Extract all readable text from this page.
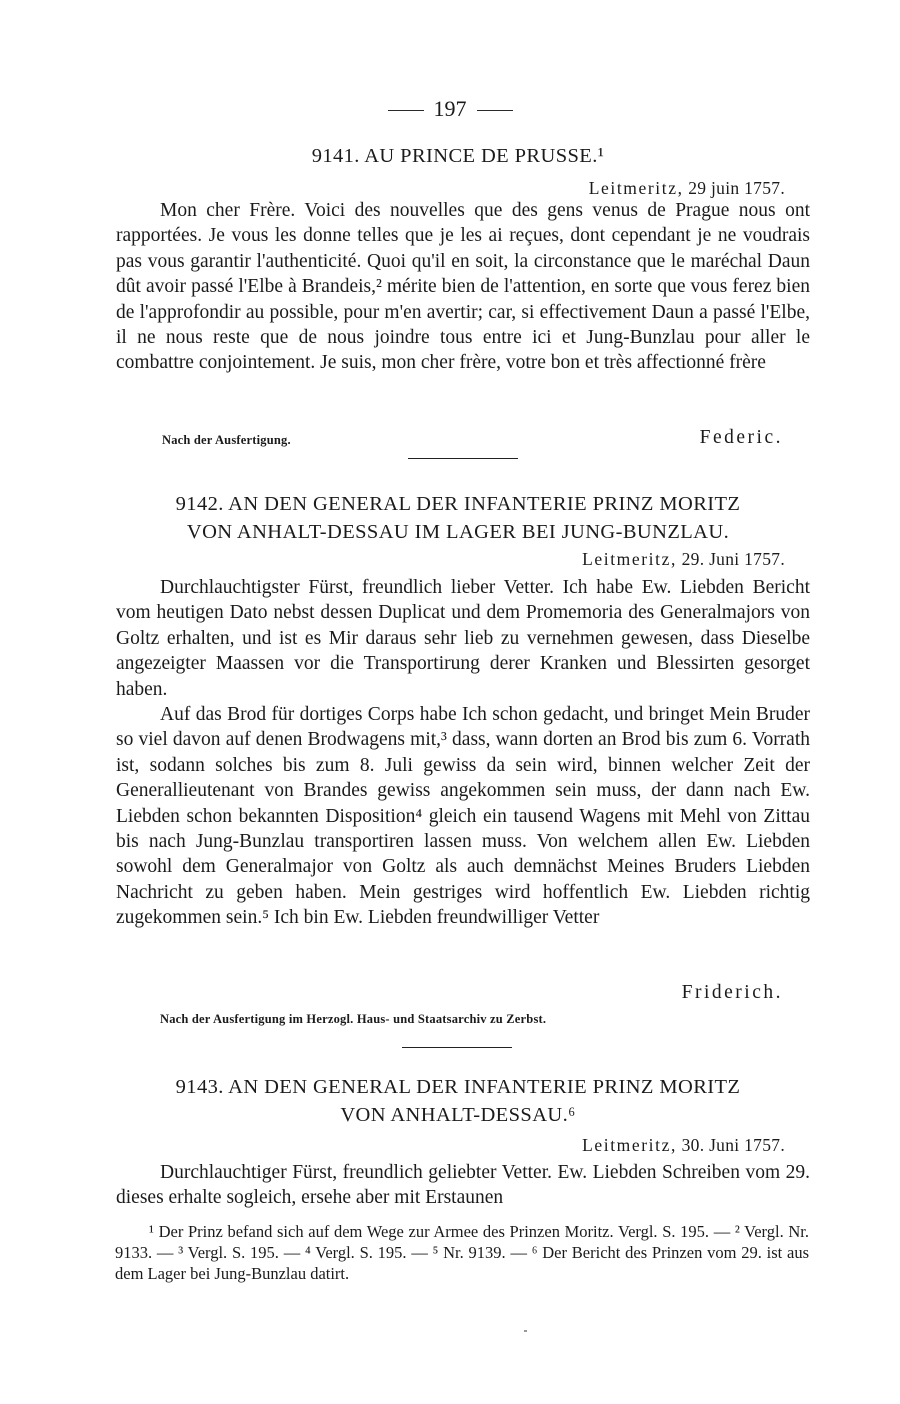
197
9141. AU PRINCE DE PRUSSE.¹
Leitmeritz, 29 juin 1757.

Mon cher Frère. Voici des nouvelles que des gens venus de Prague nous ont rapportées. Je vous les donne telles que je les ai reçues, dont cependant je ne voudrais pas vous garantir l'authenticité. Quoi qu'il en soit, la circonstance que le maréchal Daun dût avoir passé l'Elbe à Brandeis,² mérite bien de l'attention, en sorte que vous ferez bien de l'approfondir au possible, pour m'en avertir; car, si effectivement Daun a passé l'Elbe, il ne nous reste que de nous joindre tous entre ici et Jung-Bunzlau pour aller le combattre conjointement. Je suis, mon cher frère, votre bon et très affectionné frère

Nach der Ausfertigung.	Federic.
9142. AN DEN GENERAL DER INFANTERIE PRINZ MORITZ
VON ANHALT-DESSAU IM LAGER BEI JUNG-BUNZLAU.
Leitmeritz, 29. Juni 1757.

Durchlauchtigster Fürst, freundlich lieber Vetter. Ich habe Ew. Liebden Bericht vom heutigen Dato nebst dessen Duplicat und dem Promemoria des Generalmajors von Goltz erhalten, und ist es Mir daraus sehr lieb zu vernehmen gewesen, dass Dieselbe angezeigter Maassen vor die Transportirung derer Kranken und Blessirten gesorget haben.

Auf das Brod für dortiges Corps habe Ich schon gedacht, und bringet Mein Bruder so viel davon auf denen Brodwagens mit,³ dass, wann dorten an Brod bis zum 6. Vorrath ist, sodann solches bis zum 8. Juli gewiss da sein wird, binnen welcher Zeit der Generallieutenant von Brandes gewiss angekommen sein muss, der dann nach Ew. Liebden schon bekannten Disposition⁴ gleich ein tausend Wagens mit Mehl von Zittau bis nach Jung-Bunzlau transportiren lassen muss. Von welchem allen Ew. Liebden sowohl dem Generalmajor von Goltz als auch demnächst Meines Bruders Liebden Nachricht zu geben haben. Mein gestriges wird hoffentlich Ew. Liebden richtig zugekommen sein.⁵ Ich bin Ew. Liebden freundwilliger Vetter

Friderich.
Nach der Ausfertigung im Herzogl. Haus- und Staatsarchiv zu Zerbst.
9143. AN DEN GENERAL DER INFANTERIE PRINZ MORITZ
VON ANHALT-DESSAU.⁶
Leitmeritz, 30. Juni 1757.

Durchlauchtiger Fürst, freundlich geliebter Vetter. Ew. Liebden Schreiben vom 29. dieses erhalte sogleich, ersehe aber mit Erstaunen

¹ Der Prinz befand sich auf dem Wege zur Armee des Prinzen Moritz. Vergl. S. 195. — ² Vergl. Nr. 9133. — ³ Vergl. S. 195. — ⁴ Vergl. S. 195. — ⁵ Nr. 9139. — ⁶ Der Bericht des Prinzen vom 29. ist aus dem Lager bei Jung-Bunzlau datirt.
